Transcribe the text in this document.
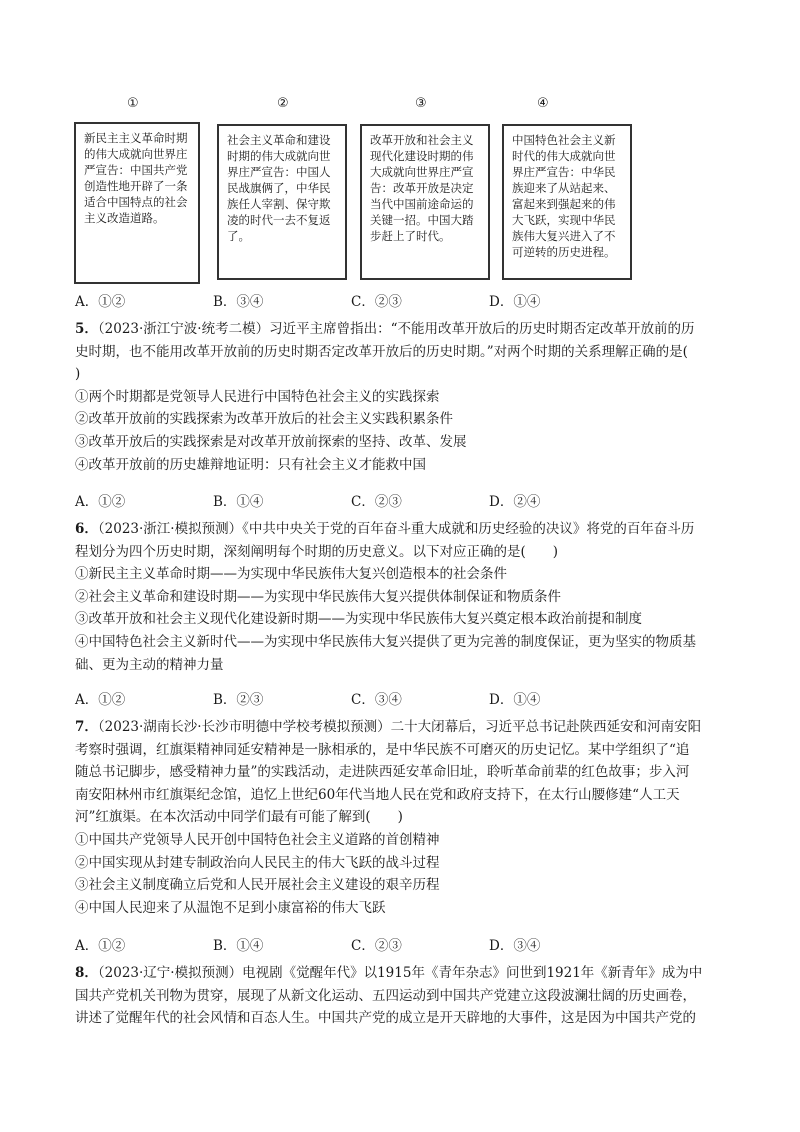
①	②	③	④
新民主主义革命时期的伟大成就向世界庄严宣告：中国共产党创造性地开辟了一条适合中国特点的社会主义改造道路。
社会主义革命和建设时期的伟大成就向世界庄严宣告：中国人民战旗俩了，中华民族任人宰割、保守欺凌的时代一去不复返了。
改革开放和社会主义现代化建设时期的伟大成就向世界庄严宣告：改革开放是决定当代中国前途命运的关键一招。中国大踏步赶上了时代。
中国特色社会主义新时代的伟大成就向世界庄严宣告：中华民族迎来了从站起来、富起来到强起来的伟大飞跃，实现中华民族伟大复兴进入了不可逆转的历史进程。
A．①②	B．③④	C．②③	D．①④
5．（2023·浙江宁波·统考二模）习近平主席曾指出：“不能用改革开放后的历史时期否定改革开放前的历
史时期，也不能用改革开放前的历史时期否定改革开放后的历史时期。”对两个时期的关系理解正确的是(
)
①两个时期都是党领导人民进行中国特色社会主义的实践探索
②改革开放前的实践探索为改革开放后的社会主义实践积累条件
③改革开放后的实践探索是对改革开放前探索的坚持、改革、发展
④改革开放前的历史雄辩地证明：只有社会主义才能救中国
A．①②	B．①④	C．②③	D．②④
6．（2023·浙江·模拟预测）《中共中央关于党的百年奋斗重大成就和历史经验的决议》将党的百年奋斗历
程划分为四个历史时期，深刻阐明每个时期的历史意义。以下对应正确的是(　　)
①新民主主义革命时期——为实现中华民族伟大复兴创造根本的社会条件
②社会主义革命和建设时期——为实现中华民族伟大复兴提供体制保证和物质条件
③改革开放和社会主义现代化建设新时期——为实现中华民族伟大复兴奠定根本政治前提和制度
④中国特色社会主义新时代——为实现中华民族伟大复兴提供了更为完善的制度保证，更为坚实的物质基
础、更为主动的精神力量
A．①②	B．②③	C．③④	D．①④
7．（2023·湖南长沙·长沙市明德中学校考模拟预测）二十大闭幕后，习近平总书记赴陕西延安和河南安阳
考察时强调，红旗渠精神同延安精神是一脉相承的，是中华民族不可磨灭的历史记忆。某中学组织了“追
随总书记脚步，感受精神力量”的实践活动，走进陕西延安革命旧址，聆听革命前辈的红色故事；步入河
南安阳林州市红旗渠纪念馆，追忆上世纪60年代当地人民在党和政府支持下，在太行山腰修建“人工天
河”红旗渠。在本次活动中同学们最有可能了解到(　　)
①中国共产党领导人民开创中国特色社会主义道路的首创精神
②中国实现从封建专制政治向人民民主的伟大飞跃的战斗过程
③社会主义制度确立后党和人民开展社会主义建设的艰辛历程
④中国人民迎来了从温饱不足到小康富裕的伟大飞跃
A．①②	B．①④	C．②③	D．③④
8．（2023·辽宁·模拟预测）电视剧《觉醒年代》以1915年《青年杂志》问世到1921年《新青年》成为中
国共产党机关刊物为贯穿，展现了从新文化运动、五四运动到中国共产党建立这段波澜壮阔的历史画卷，
讲述了觉醒年代的社会风情和百态人生。中国共产党的成立是开天辟地的大事件，这是因为中国共产党的
